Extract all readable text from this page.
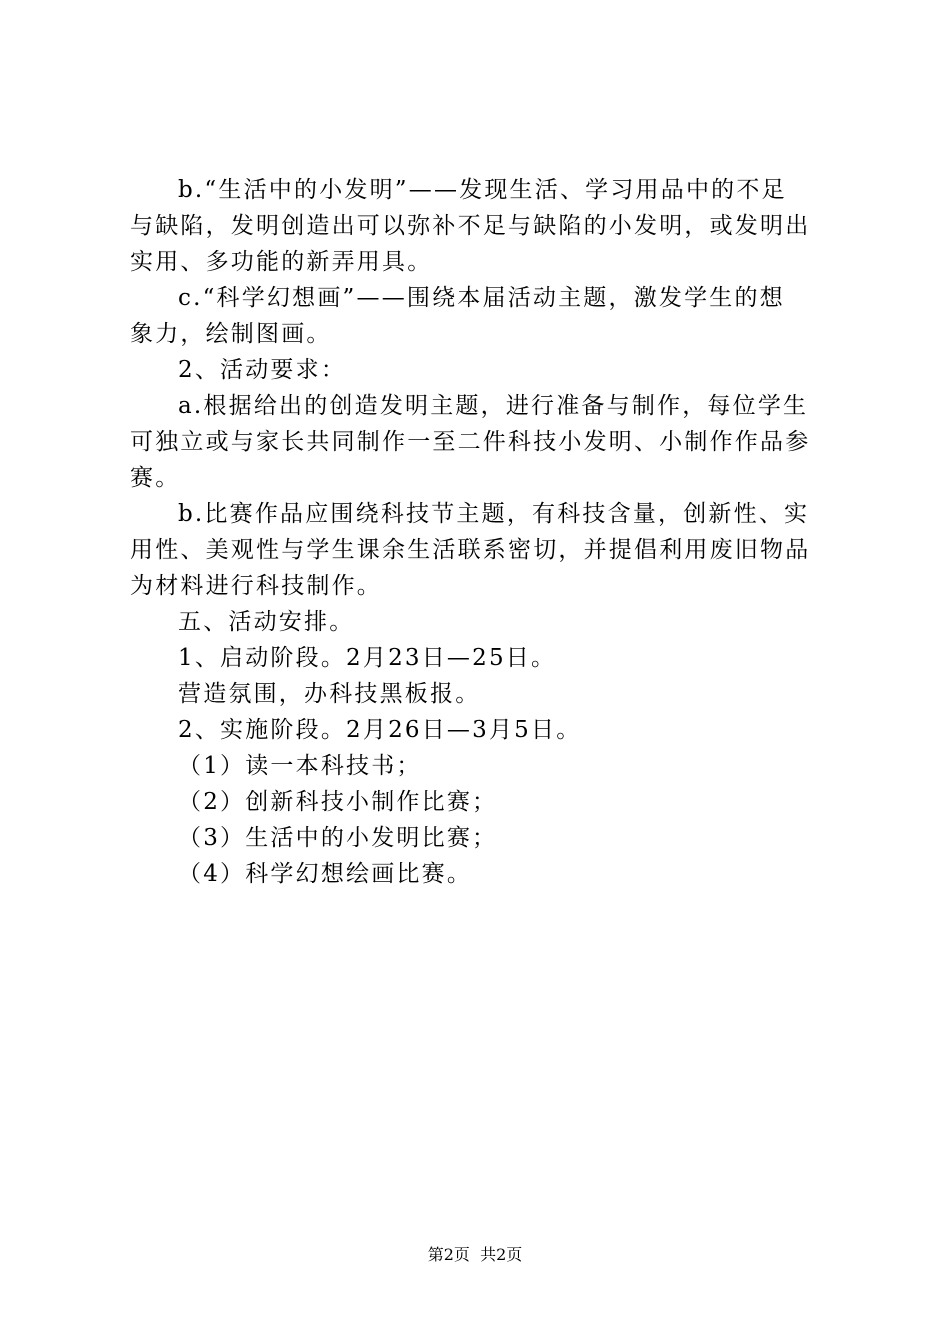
b.“生活中的小发明”——发现生活、学习用品中的不足
与缺陷，发明创造出可以弥补不足与缺陷的小发明，或发明出
实用、多功能的新弄用具。
c.“科学幻想画”——围绕本届活动主题，激发学生的想
象力，绘制图画。
2、活动要求：
a.根据给出的创造发明主题，进行准备与制作，每位学生
可独立或与家长共同制作一至二件科技小发明、小制作作品参
赛。
b.比赛作品应围绕科技节主题，有科技含量，创新性、实
用性、美观性与学生课余生活联系密切，并提倡利用废旧物品
为材料进行科技制作。
五、活动安排。
1、启动阶段。2月23日—25日。
营造氛围，办科技黑板报。
2、实施阶段。2月26日—3月5日。
（1）读一本科技书；
（2）创新科技小制作比赛；
（3）生活中的小发明比赛；
（4）科学幻想绘画比赛。
第2页  共2页
